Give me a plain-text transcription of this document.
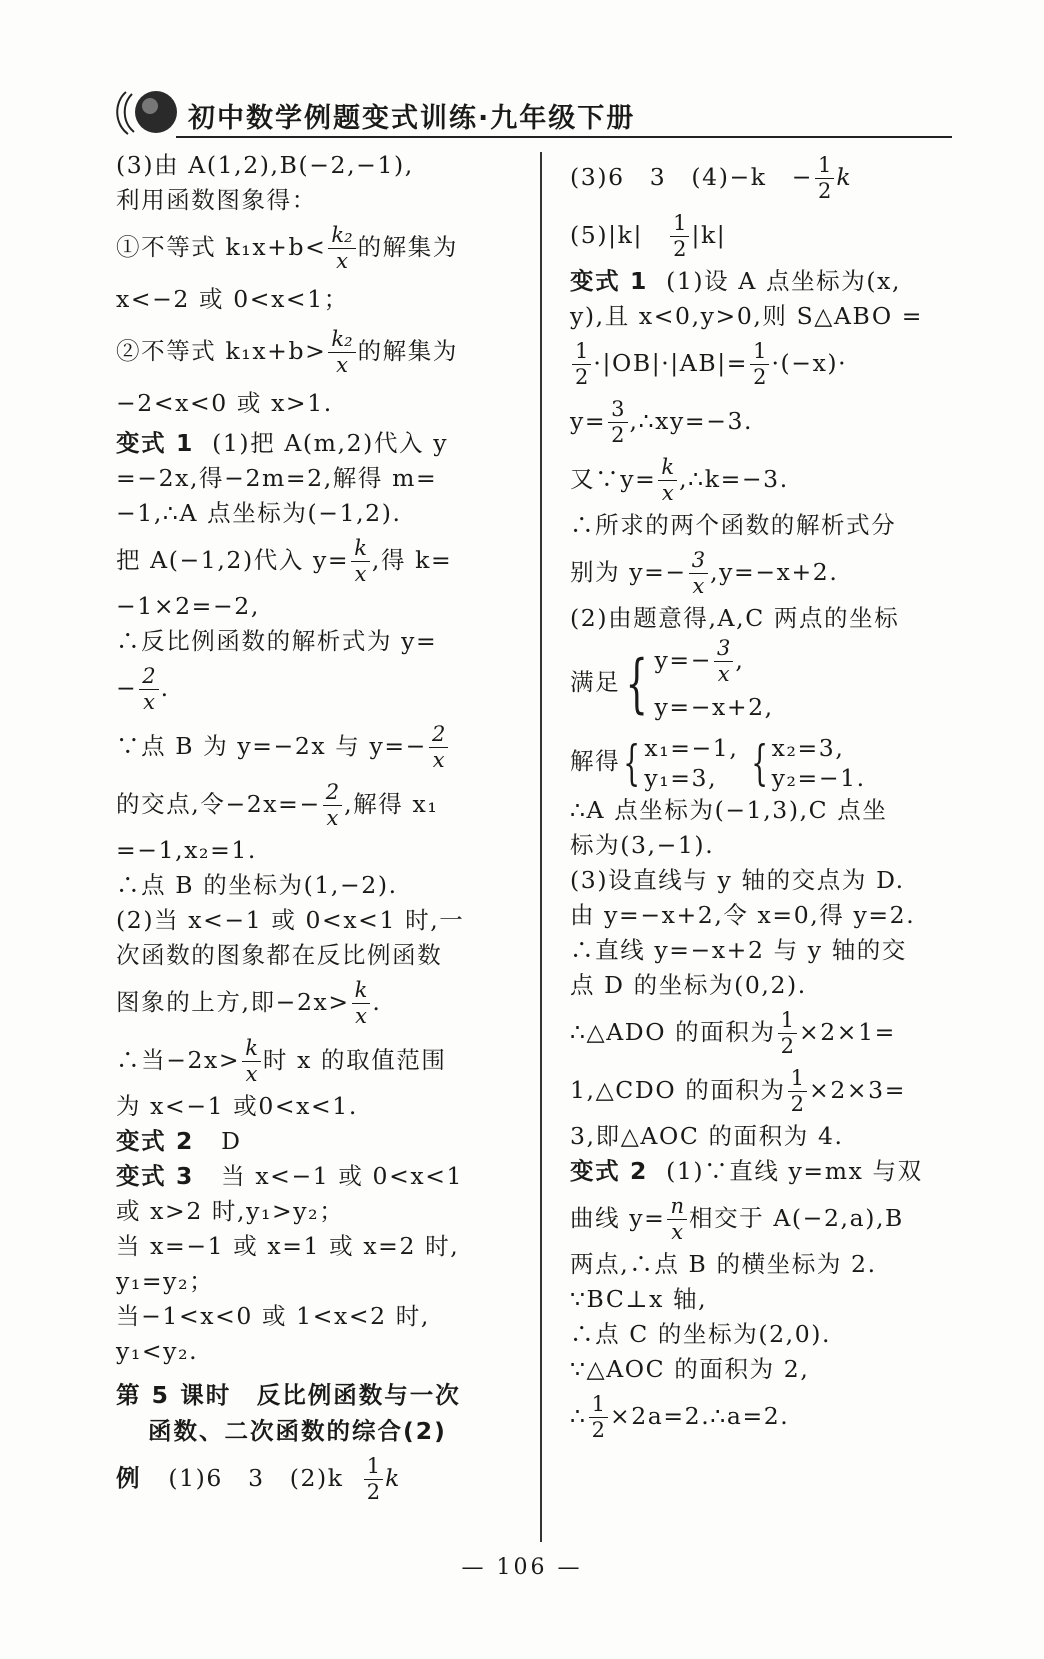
初中数学例题变式训练·九年级下册
(3)由 A(1,2),B(−2,−1),
利用函数图象得：
①不等式 $k_1x+b< \frac{\text{k₂}}{x}$ 的解集为
x<−2 或 0<x<1；
②不等式 $k_1x+b> \frac{\text{k₂}}{x}$ 的解集为
−2<x<0 或 x>1.
变式 1 (1)把 A(m,2)代入 y
=−2x,得−2m=2,解得 m=
−1,∴A 点坐标为(−1,2).
把 A(−1,2)代入 $y= \frac{k}{x}$ ,得 k=
−1×2=−2,
∴反比例函数的解析式为 y=
− $\frac{2}{x}$ .
∵点 B 为 y=−2x 与 $y=- \frac{2}{x}$
的交点,令$-2x=- \frac{2}{x}$ ,解得 x₁
=−1,x₂=1.
∴点 B 的坐标为(1,−2).
(2)当 x<−1 或 0<x<1 时,一
次函数的图象都在反比例函数
图象的上方,即$-2x> \frac{k}{x}$ .
∴当$-2x> \frac{k}{x}$ 时 x 的取值范围
为 x<−1 或0<x<1.
变式 2 D
变式 3 当 x<−1 或 0<x<1
或 x>2 时,y₁>y₂；
当 x=−1 或 x=1 或 x=2 时,
y₁=y₂；
当−1<x<0 或 1<x<2 时,
y₁<y₂.
第 5 课时　反比例函数与一次
函数、二次函数的综合(2)
例 (1)6　3　$(2)k \frac{1}{2}$ k
(3)6　3　(4)−k　− $\frac{1}{2}$ k
(5)|k|　 $\frac{1}{2} |k|$
变式 1 (1)设 A 点坐标为(x,
y),且 x<0,y>0,则 S△ABO =
$\frac{1}{2} \cdot|OB|\cdot|AB|= \frac{1}{2} \cdot(-x)\cdot$
$y= \frac{3}{2}$ ,∴xy=−3.
又∵y= $\frac{k}{x}$ ,∴k=−3.
∴所求的两个函数的解析式分
别为 $y=- \frac{3}{x} ,y=-x+2$.
(2)由题意得,A,C 两点的坐标
满足{ $y=- \frac{3}{x}$ ,
y=−x+2,
解得{ x₁=−1,
y₁=3, { x₂=3,
y₂=−1.
∴A 点坐标为(−1,3),C 点坐
标为(3,−1).
(3)设直线与 y 轴的交点为 D.
由 y=−x+2,令 x=0,得 y=2.
∴直线 y=−x+2 与 y 轴的交
点 D 的坐标为(0,2).
∴△ADO 的面积为 $\frac{1}{2} \times 2\times 1=$
1,△CDO 的面积为 $\frac{1}{2} \times 2\times 3=$
3,即△AOC 的面积为 4.
变式 2 (1)∵直线 y=mx 与双
曲线 $y= \frac{n}{x}$ 相交于 A(−2,a),B
两点,∴点 B 的横坐标为 2.
∵BC⊥x 轴,
∴点 C 的坐标为(2,0).
∵△AOC 的面积为 2,
∴ $\frac{1}{2}$ ×2a=2.∴a=2.
— 106 —
